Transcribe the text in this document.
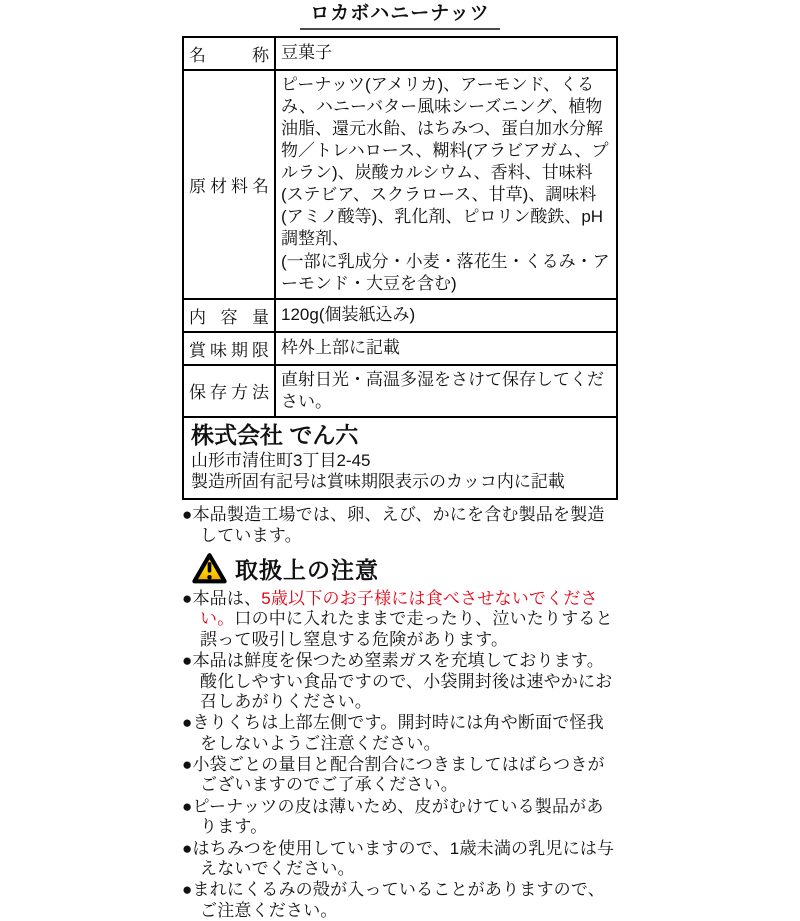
ロカボハニーナッツ
名称	豆菓子
原材料名	ピーナッツ(アメリカ)、アーモンド、くるみ、ハニーバター風味シーズニング、植物油脂、還元水飴、はちみつ、蛋白加水分解物／トレハロース、糊料(アラビアガム、プルラン)、炭酸カルシウム、香料、甘味料(ステビア、スクラロース、甘草)、調味料(アミノ酸等)、乳化剤、ピロリン酸鉄、pH調整剤、

(一部に乳成分・小麦・落花生・くるみ・アーモンド・大豆を含む)

内容量	120g(個装紙込み)
賞味期限	枠外上部に記載
保存方法	直射日光・高温多湿をさけて保存してください。
株式会社 でん六
山形市清住町3丁目2-45
製造所固有記号は賞味期限表示のカッコ内に記載

●本品製造工場では、卵、えび、かにを含む製品を製造しています。

取扱上の注意

●本品は、5歳以下のお子様には食べさせないでください。口の中に入れたままで走ったり、泣いたりすると誤って吸引し窒息する危険があります。

●本品は鮮度を保つため窒素ガスを充填しております。酸化しやすい食品ですので、小袋開封後は速やかにお召しあがりください。

●きりくちは上部左側です。開封時には角や断面で怪我をしないようご注意ください。

●小袋ごとの量目と配合割合につきましてはばらつきがございますのでご了承ください。

●ピーナッツの皮は薄いため、皮がむけている製品があります。

●はちみつを使用していますので、1歳未満の乳児には与えないでください。

●まれにくるみの殻が入っていることがありますので、ご注意ください。
